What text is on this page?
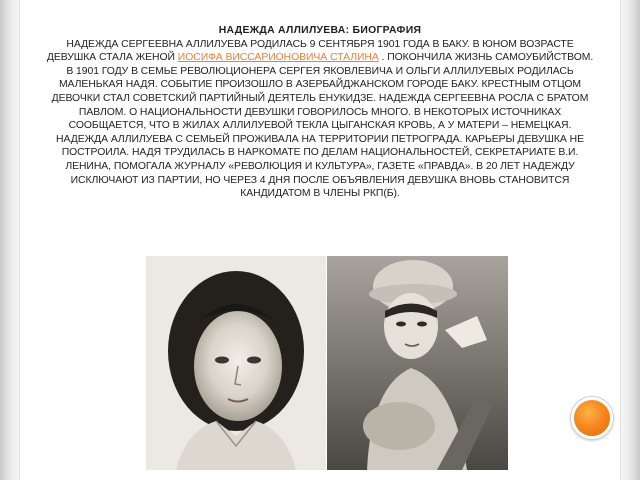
НАДЕЖДА АЛЛИЛУЕВА: БИОГРАФИЯ
НАДЕЖДА СЕРГЕЕВНА АЛЛИЛУЕВА РОДИЛАСЬ 9 СЕНТЯБРЯ 1901 ГОДА В БАКУ. В ЮНОМ ВОЗРАСТЕ ДЕВУШКА СТАЛА ЖЕНОЙ ИОСИФА ВИССАРИОНОВИЧА СТАЛИНА . ПОКОНЧИЛА ЖИЗНЬ САМОУБИЙСТВОМ.
В 1901 ГОДУ В СЕМЬЕ РЕВОЛЮЦИОНЕРА СЕРГЕЯ ЯКОВЛЕВИЧА И ОЛЬГИ АЛЛИЛУЕВЫХ РОДИЛАСЬ МАЛЕНЬКАЯ НАДЯ. СОБЫТИЕ ПРОИЗОШЛО В АЗЕРБАЙДЖАНСКОМ ГОРОДЕ БАКУ. КРЕСТНЫМ ОТЦОМ ДЕВОЧКИ СТАЛ СОВЕТСКИЙ ПАРТИЙНЫЙ ДЕЯТЕЛЬ ЕНУКИДЗЕ. НАДЕЖДА СЕРГЕЕВНА РОСЛА С БРАТОМ ПАВЛОМ. О НАЦИОНАЛЬНОСТИ ДЕВУШКИ ГОВОРИЛОСЬ МНОГО. В НЕКОТОРЫХ ИСТОЧНИКАХ СООБЩАЕТСЯ, ЧТО В ЖИЛАХ АЛЛИЛУЕВОЙ ТЕКЛА ЦЫГАНСКАЯ КРОВЬ, А У МАТЕРИ – НЕМЕЦКАЯ. НАДЕЖДА АЛЛИЛУЕВА С СЕМЬЕЙ ПРОЖИВАЛА НА ТЕРРИТОРИИ ПЕТРОГРАДА. КАРЬЕРЫ ДЕВУШКА НЕ ПОСТРОИЛА. НАДЯ ТРУДИЛАСЬ В НАРКОМАТЕ ПО ДЕЛАМ НАЦИОНАЛЬНОСТЕЙ, СЕКРЕТАРИАТЕ В.И. ЛЕНИНА, ПОМОГАЛА ЖУРНАЛУ «РЕВОЛЮЦИЯ И КУЛЬТУРА», ГАЗЕТЕ «ПРАВДА». В 20 ЛЕТ НАДЕЖДУ ИСКЛЮЧАЮТ ИЗ ПАРТИИ, НО ЧЕРЕЗ 4 ДНЯ ПОСЛЕ ОБЪЯВЛЕНИЯ ДЕВУШКА ВНОВЬ СТАНОВИТСЯ КАНДИДАТОМ В ЧЛЕНЫ РКП(Б).
